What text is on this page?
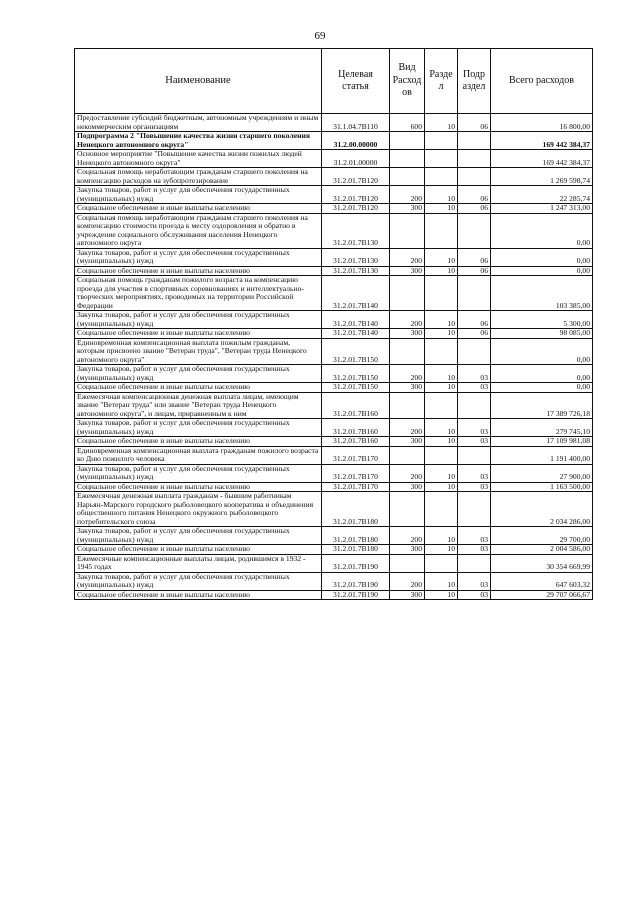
69
Наименование	Целевая статья	Вид Расход ов	Разде л	Подр аздел	Всего расходов
Предоставление субсидий бюджетным, автономным учреждениям и иным некоммерческим организациям	31.1.04.7В110	600	10	06	16 800,00
Подпрограмма 2 "Повышение качества жизни старшего поколения Ненецкого автономного округа"	31.2.00.00000				169 442 384,37
Основное мероприятие "Повышение качества жизни пожилых людей Ненецкого автономного округа"	31.2.01.00000				169 442 384,37
Социальная помощь неработающим гражданам старшего поколения на компенсацию расходов на зубопротезирование	31.2.01.7В120				1 269 598,74
Закупка товаров, работ и услуг для обеспечения государственных (муниципальных) нужд	31.2.01.7В120	200	10	06	22 285,74
Социальное обеспечение и иные выплаты населению	31.2.01.7В120	300	10	06	1 247 313,00
Социальная помощь неработающим гражданам старшего поколения на компенсацию стоимости проезда к месту оздоровления и обратно в учреждение социального обслуживания населения Ненецкого автономного округа	31.2.01.7В130				0,00
Закупка товаров, работ и услуг для обеспечения государственных (муниципальных) нужд	31.2.01.7В130	200	10	06	0,00
Социальное обеспечение и иные выплаты населению	31.2.01.7В130	300	10	06	0,00
Социальная помощь гражданам пожилого возраста на компенсацию проезда для участия в спортивных соревнованиях и интеллектуально-творческих мероприятиях, проводимых на территории Российской Федерации	31.2.01.7В140				103 385,00
Закупка товаров, работ и услуг для обеспечения государственных (муниципальных) нужд	31.2.01.7В140	200	10	06	5 300,00
Социальное обеспечение и иные выплаты населению	31.2.01.7В140	300	10	06	98 085,00
Единовременная компенсационная выплата пожилым гражданам, которым присвоено звание "Ветеран труда", "Ветеран труда Ненецкого автономного округа"	31.2.01.7В150				0,00
Закупка товаров, работ и услуг для обеспечения государственных (муниципальных) нужд	31.2.01.7В150	200	10	03	0,00
Социальное обеспечение и иные выплаты населению	31.2.01.7В150	300	10	03	0,00
Ежемесячная компенсационная денежная выплата лицам, имеющим звание "Ветеран труда" или звание "Ветеран труда Ненецкого автономного округа", и лицам, приравненным к ним	31.2.01.7В160				17 389 726,18
Закупка товаров, работ и услуг для обеспечения государственных (муниципальных) нужд	31.2.01.7В160	200	10	03	279 745,10
Социальное обеспечение и иные выплаты населению	31.2.01.7В160	300	10	03	17 109 981,08
Единовременная компенсационная выплата гражданам пожилого возраста ко Дню пожилого человека	31.2.01.7В170				1 191 400,00
Закупка товаров, работ и услуг для обеспечения государственных (муниципальных) нужд	31.2.01.7В170	200	10	03	27 900,00
Социальное обеспечение и иные выплаты населению	31.2.01.7В170	300	10	03	1 163 500,00
Ежемесячная денежная выплата гражданам - бывшим работникам Нарьян-Марского городского рыболовецкого кооператива и объединения общественного питания Ненецкого окружного рыболовецкого потребительского союза	31.2.01.7В180				2 034 286,00
Закупка товаров, работ и услуг для обеспечения государственных (муниципальных) нужд	31.2.01.7В180	200	10	03	29 700,00
Социальное обеспечение и иные выплаты населению	31.2.01.7В180	300	10	03	2 004 586,00
Ежемесячные компенсационные выплаты лицам, родившимся в 1932 - 1945 годах	31.2.01.7В190				30 354 669,99
Закупка товаров, работ и услуг для обеспечения государственных (муниципальных) нужд	31.2.01.7В190	200	10	03	647 603,32
Социальное обеспечение и иные выплаты населению	31.2.01.7В190	300	10	03	29 707 066,67
